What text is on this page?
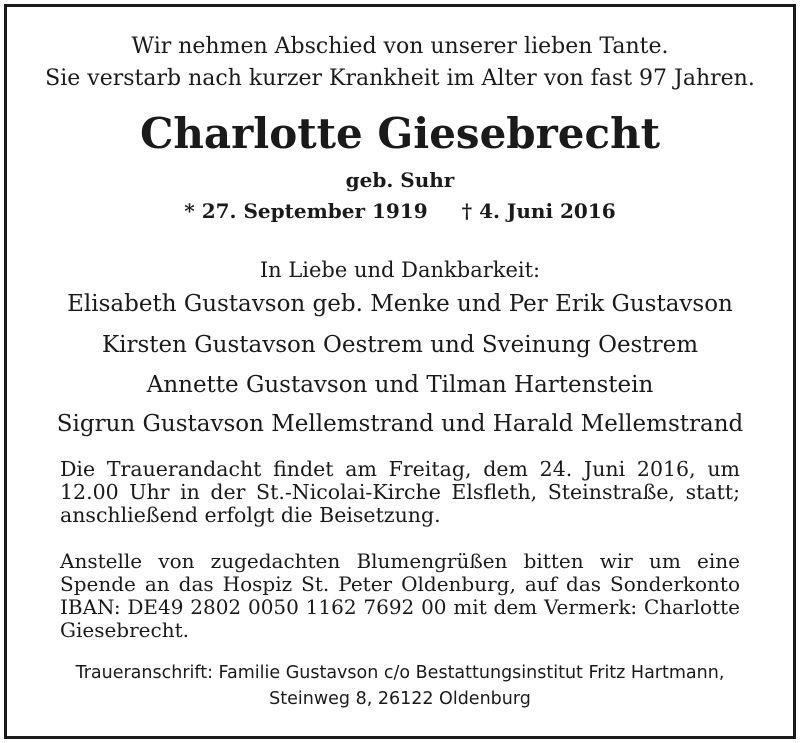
Wir nehmen Abschied von unserer lieben Tante.
Sie verstarb nach kurzer Krankheit im Alter von fast 97 Jahren.
Charlotte Giesebrecht
geb. Suhr
* 27. September 1919 † 4. Juni 2016
In Liebe und Dankbarkeit:
Elisabeth Gustavson geb. Menke und Per Erik Gustavson
Kirsten Gustavson Oestrem und Sveinung Oestrem
Annette Gustavson und Tilman Hartenstein
Sigrun Gustavson Mellemstrand und Harald Mellemstrand
Die Trauerandacht findet am Freitag, dem 24. Juni 2016, um
12.00 Uhr in der St.-Nicolai-Kirche Elsfleth, Steinstraße, statt;
anschließend erfolgt die Beisetzung.
Anstelle von zugedachten Blumengrüßen bitten wir um eine
Spende an das Hospiz St. Peter Oldenburg, auf das Sonderkonto
IBAN: DE49 2802 0050 1162 7692 00 mit dem Vermerk: Charlotte
Giesebrecht.
Traueranschrift: Familie Gustavson c/o Bestattungsinstitut Fritz Hartmann,
Steinweg 8, 26122 Oldenburg
